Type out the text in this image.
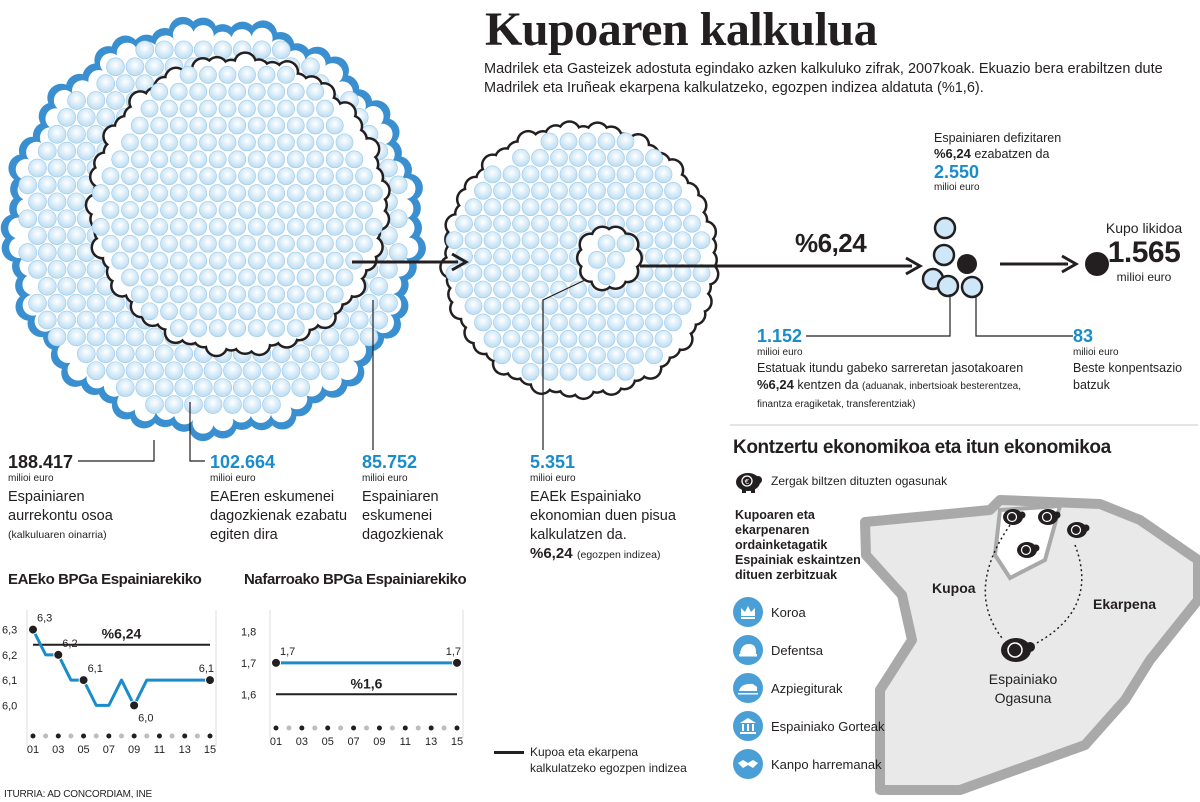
6,0
6,1
6,2
6,3
01 03 05 07 09 11 13 15
%6,24
6,3
6,2
6,1
6,0
6,1
1,6
1,7
1,8
01 03 05 07 09 11 13 15
%1,6
1,7	1,7
Kupoaren kalkulua
Madrilek eta Gasteizek adostuta egindako azken kalkuluko zifrak, 2007koak. Ekuazio bera erabiltzen dute Madrilek eta Iruñeak ekarpena kalkulatzeko, egozpen indizea aldatuta (%1,6).
188.417
milioi euro
Espainiaren aurrekontu osoa
(kalkuluaren oinarria)
102.664
milioi euro
EAEren eskumenei dagozkienak ezabatu egiten dira
85.752
milioi euro
Espainiaren eskumenei dagozkienak
5.351
milioi euro
EAEk Espainiako ekonomian duen pisua kalkulatzen da.
%6,24 (egozpen indizea)
%6,24
Espainiaren defizitaren
%6,24 ezabatzen da
2.550
milioi euro
1.152
milioi euro
Estatuak itundu gabeko sarreretan jasotakoaren
%6,24 kentzen da (aduanak, inbertsioak besterentzea, finantza eragiketak, transferentziak)
83
milioi euro
Beste konpentsazio batzuk
Kupo likidoa
1.565
milioi euro
Kontzertu ekonomikoa eta itun ekonomikoa
€ Zergak biltzen dituzten ogasunak
Kupoaren eta ekarpenaren ordainketagatik Espainiak eskaintzen dituen zerbitzuak
Koroa
Defentsa
Azpiegiturak
Espainiako Gorteak
Kanpo harremanak
Kupoa
Ekarpena
Espainiako Ogasuna
EAEko BPGa Espainiarekiko	Nafarroako BPGa Espainiarekiko
Kupoa eta ekarpena kalkulatzeko egozpen indizea
ITURRIA: AD CONCORDIAM, INE
